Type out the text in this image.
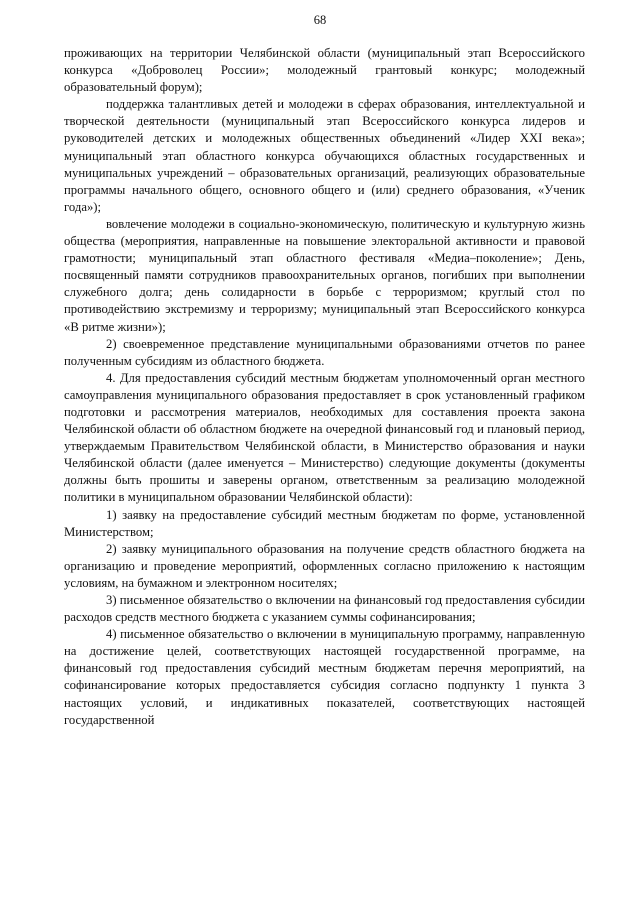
68

проживающих на территории Челябинской области (муниципальный этап Всероссийского конкурса «Доброволец России»; молодежный грантовый конкурс; молодежный образовательный форум);

поддержка талантливых детей и молодежи в сферах образования, интеллектуальной и творческой деятельности (муниципальный этап Всероссийского конкурса лидеров и руководителей детских и молодежных общественных объединений «Лидер XXI века»; муниципальный этап областного конкурса обучающихся областных государственных и муниципальных учреждений – образовательных организаций, реализующих образовательные программы начального общего, основного общего и (или) среднего образования, «Ученик года»);

вовлечение молодежи в социально-экономическую, политическую и культурную жизнь общества (мероприятия, направленные на повышение электоральной активности и правовой грамотности; муниципальный этап областного фестиваля «Медиа–поколение»; День, посвященный памяти сотрудников правоохранительных органов, погибших при выполнении служебного долга; день солидарности в борьбе с терроризмом; круглый стол по противодействию экстремизму и терроризму; муниципальный этап Всероссийского конкурса «В ритме жизни»);

2) своевременное представление муниципальными образованиями отчетов по ранее полученным субсидиям из областного бюджета.

4. Для предоставления субсидий местным бюджетам уполномоченный орган местного самоуправления муниципального образования предоставляет в срок установленный графиком подготовки и рассмотрения материалов, необходимых для составления проекта закона Челябинской области об областном бюджете на очередной финансовый год и плановый период, утверждаемым Правительством Челябинской области, в Министерство образования и науки Челябинской области (далее именуется – Министерство) следующие документы (документы должны быть прошиты и заверены органом, ответственным за реализацию молодежной политики в муниципальном образовании Челябинской области):

1) заявку на предоставление субсидий местным бюджетам по форме, установленной Министерством;

2) заявку муниципального образования на получение средств областного бюджета на организацию и проведение мероприятий, оформленных согласно приложению к настоящим условиям, на бумажном и электронном носителях;

3) письменное обязательство о включении на финансовый год предоставления субсидии расходов средств местного бюджета с указанием суммы софинансирования;

4) письменное обязательство о включении в муниципальную программу, направленную на достижение целей, соответствующих настоящей государственной программе, на финансовый год предоставления субсидий местным бюджетам перечня мероприятий, на софинансирование которых предоставляется субсидия согласно подпункту 1 пункта 3 настоящих условий, и индикативных показателей, соответствующих настоящей государственной
